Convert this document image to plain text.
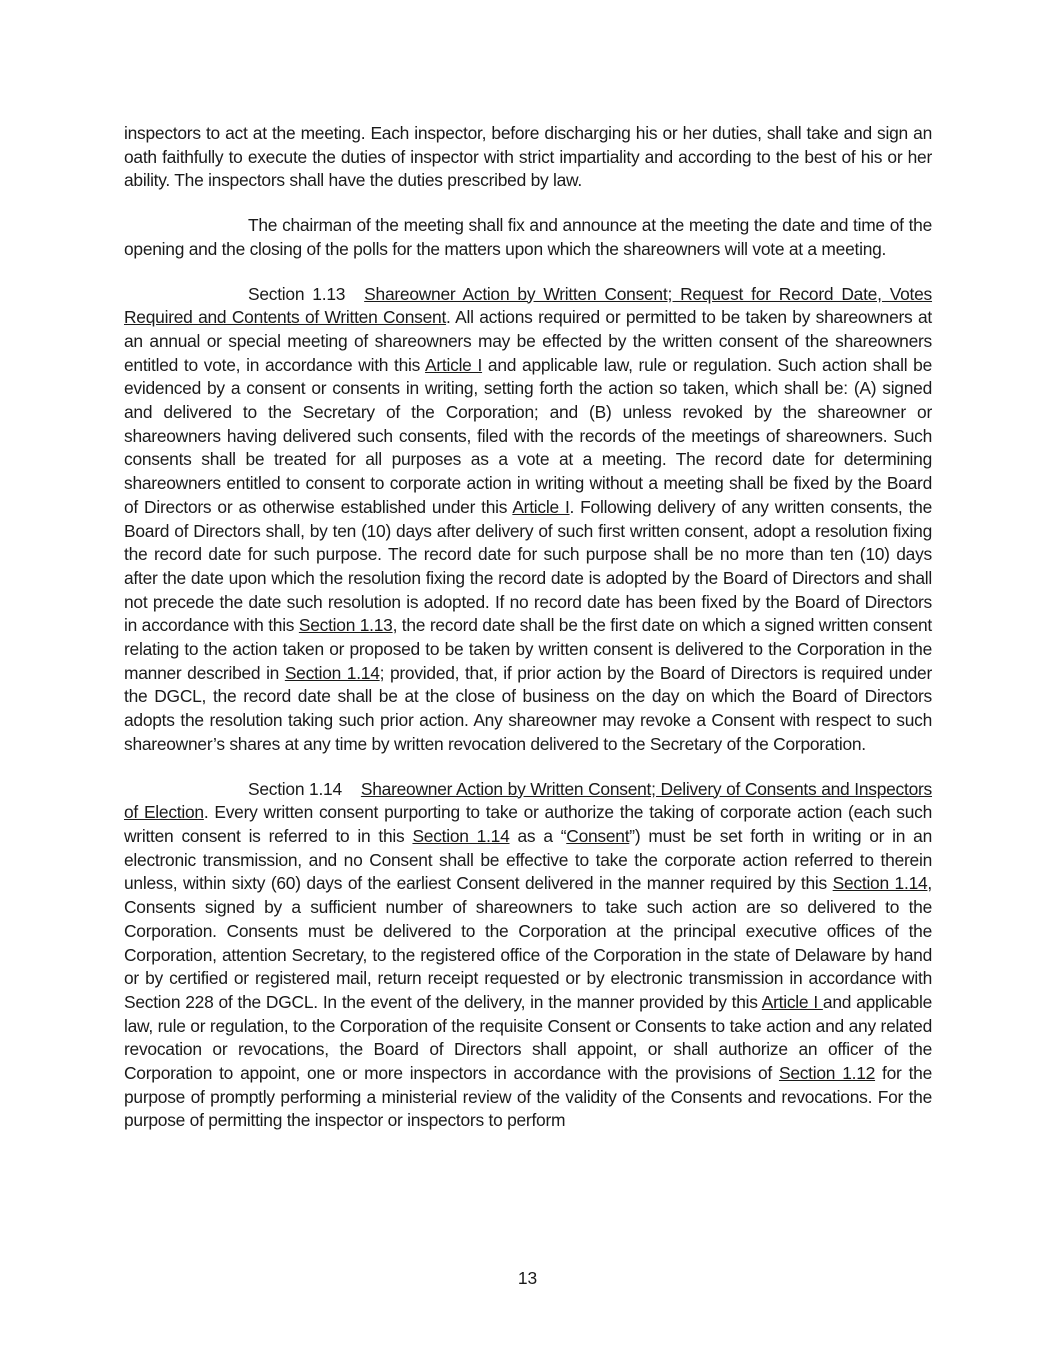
inspectors to act at the meeting. Each inspector, before discharging his or her duties, shall take and sign an oath faithfully to execute the duties of inspector with strict impartiality and according to the best of his or her ability. The inspectors shall have the duties prescribed by law.

The chairman of the meeting shall fix and announce at the meeting the date and time of the opening and the closing of the polls for the matters upon which the shareowners will vote at a meeting.

Section 1.13 Shareowner Action by Written Consent; Request for Record Date, Votes Required and Contents of Written Consent. All actions required or permitted to be taken by shareowners at an annual or special meeting of shareowners may be effected by the written consent of the shareowners entitled to vote, in accordance with this Article I and applicable law, rule or regulation. Such action shall be evidenced by a consent or consents in writing, setting forth the action so taken, which shall be: (A) signed and delivered to the Secretary of the Corporation; and (B) unless revoked by the shareowner or shareowners having delivered such consents, filed with the records of the meetings of shareowners. Such consents shall be treated for all purposes as a vote at a meeting. The record date for determining shareowners entitled to consent to corporate action in writing without a meeting shall be fixed by the Board of Directors or as otherwise established under this Article I. Following delivery of any written consents, the Board of Directors shall, by ten (10) days after delivery of such first written consent, adopt a resolution fixing the record date for such purpose. The record date for such purpose shall be no more than ten (10) days after the date upon which the resolution fixing the record date is adopted by the Board of Directors and shall not precede the date such resolution is adopted. If no record date has been fixed by the Board of Directors in accordance with this Section 1.13, the record date shall be the first date on which a signed written consent relating to the action taken or proposed to be taken by written consent is delivered to the Corporation in the manner described in Section 1.14; provided, that, if prior action by the Board of Directors is required under the DGCL, the record date shall be at the close of business on the day on which the Board of Directors adopts the resolution taking such prior action. Any shareowner may revoke a Consent with respect to such shareowner’s shares at any time by written revocation delivered to the Secretary of the Corporation.

Section 1.14 Shareowner Action by Written Consent; Delivery of Consents and Inspectors of Election. Every written consent purporting to take or authorize the taking of corporate action (each such written consent is referred to in this Section 1.14 as a “Consent”) must be set forth in writing or in an electronic transmission, and no Consent shall be effective to take the corporate action referred to therein unless, within sixty (60) days of the earliest Consent delivered in the manner required by this Section 1.14, Consents signed by a sufficient number of shareowners to take such action are so delivered to the Corporation. Consents must be delivered to the Corporation at the principal executive offices of the Corporation, attention Secretary, to the registered office of the Corporation in the state of Delaware by hand or by certified or registered mail, return receipt requested or by electronic transmission in accordance with Section 228 of the DGCL. In the event of the delivery, in the manner provided by this Article I and applicable law, rule or regulation, to the Corporation of the requisite Consent or Consents to take action and any related revocation or revocations, the Board of Directors shall appoint, or shall authorize an officer of the Corporation to appoint, one or more inspectors in accordance with the provisions of Section 1.12 for the purpose of promptly performing a ministerial review of the validity of the Consents and revocations. For the purpose of permitting the inspector or inspectors to perform

13
